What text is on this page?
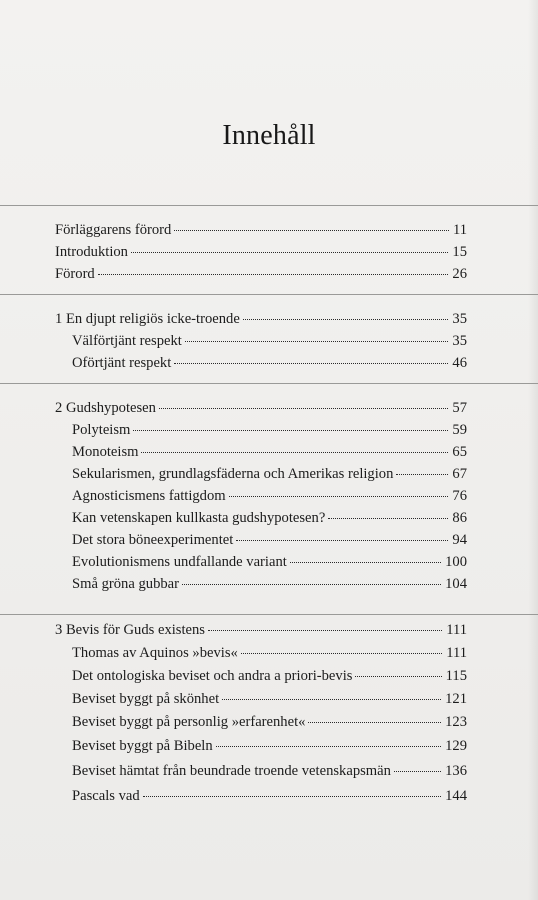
Innehåll
Förläggarens förord	11
Introduktion	15
Förord	26
1 En djupt religiös icke-troende	35
Välförtjänt respekt	35
Oförtjänt respekt	46
2 Gudshypotesen	57
Polyteism	59
Monoteism	65
Sekularismen, grundlagsfäderna och Amerikas religion	67
Agnosticismens fattigdom	76
Kan vetenskapen kullkasta gudshypotesen?	86
Det stora böneexperimentet	94
Evolutionismens undfallande variant	100
Små gröna gubbar	104
3 Bevis för Guds existens	111
Thomas av Aquinos »bevis«	111
Det ontologiska beviset och andra a priori-bevis	115
Beviset byggt på skönhet	121
Beviset byggt på personlig »erfarenhet«	123
Beviset byggt på Bibeln	129
Beviset hämtat från beundrade troende vetenskapsmän	136
Pascals vad	144
